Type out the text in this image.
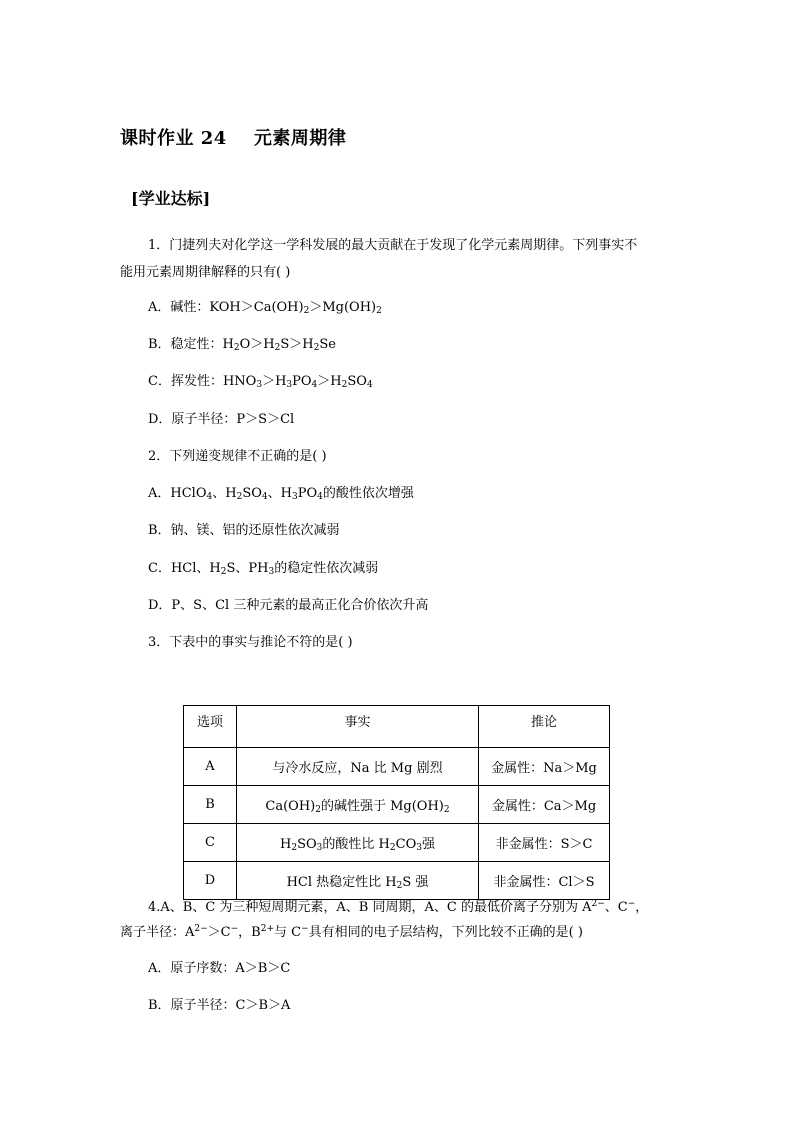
课时作业 24    元素周期律
[学业达标]
1．门捷列夫对化学这一学科发展的最大贡献在于发现了化学元素周期律。下列事实不
能用元素周期律解释的只有( )
A．碱性：$KOH>Ca(OH)_2>Mg(OH)_2$
B．稳定性：$H_2O>H_2S>H_2Se$
C．挥发性：$HNO_3>H_3PO_4>H_2SO_4$
D．原子半径：P＞S＞Cl
2．下列递变规律不正确的是( )
A．HClO$_4$、$H_2SO_4$、$H_3PO_4$的酸性依次增强
B．钠、镁、铝的还原性依次减弱
C．HCl、$H_2S$、$PH_3$的稳定性依次减弱
D．P、S、Cl 三种元素的最高正化合价依次升高
3．下表中的事实与推论不符的是( )
选项	事实	推论
A	与冷水反应，Na 比 Mg 剧烈	金属性：Na＞Mg
B	$Ca(OH)_2$的碱性强于 $Mg(OH)_2$	金属性：Ca＞Mg
C	$H_2SO_3$的酸性比 $H_2CO_3$强	非金属性：S＞C
D	HCl 热稳定性比 $H_2S$ 强	非金属性：Cl＞S
4.A、B、C 为三种短周期元素，A、B 同周期，A、C 的最低价离子分别为 $A^{2-}$、C−，
离子半径：$A^{2-}>C^-$，$B^{2+}$与 C−具有相同的电子层结构，下列比较不正确的是( )
A．原子序数：A＞B＞C
B．原子半径：C＞B＞A
